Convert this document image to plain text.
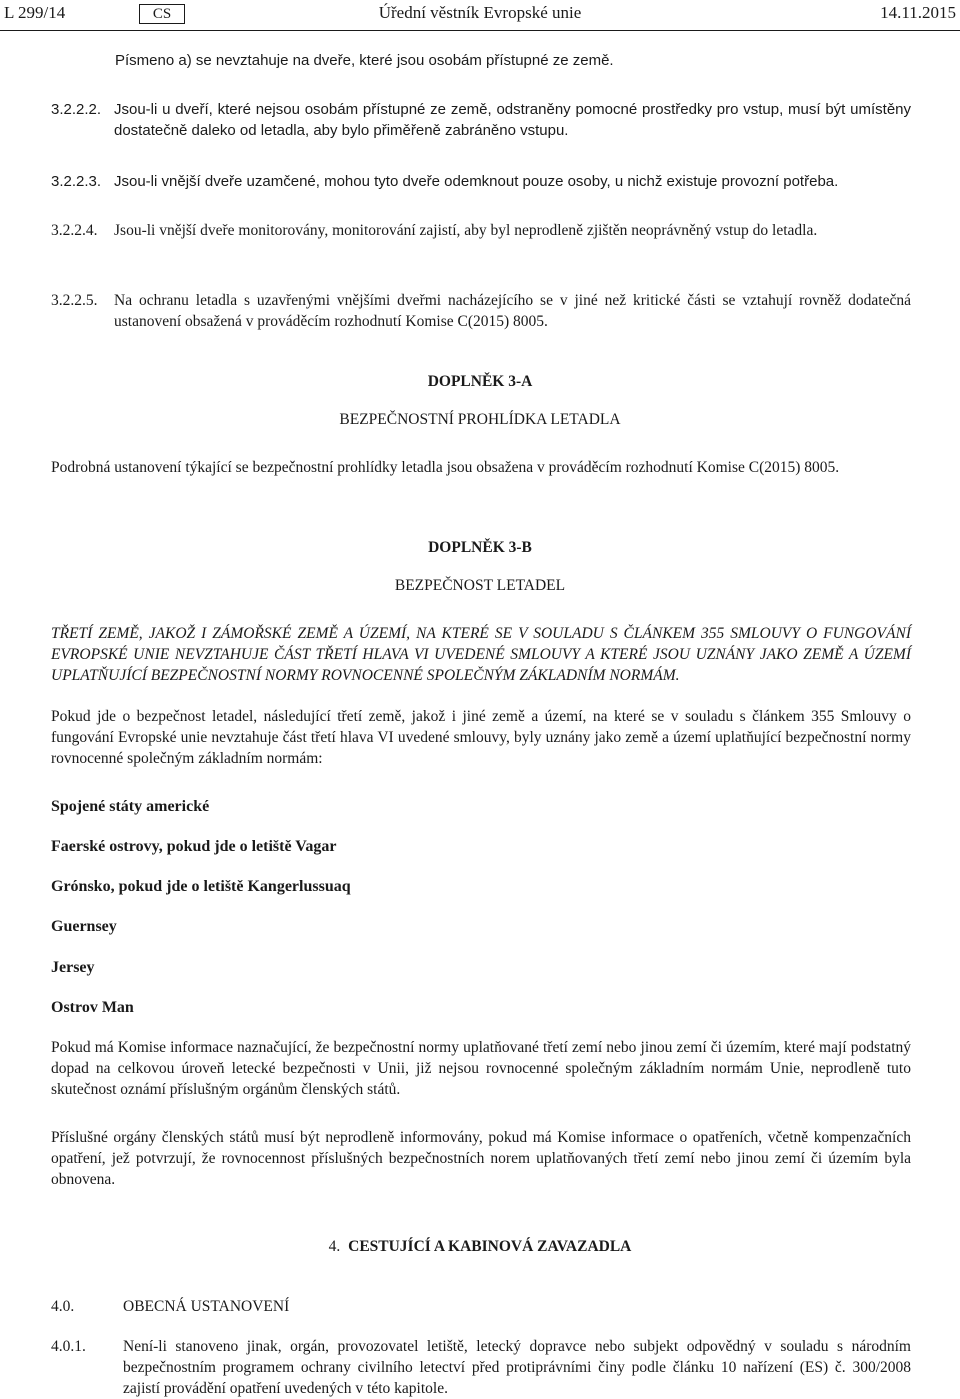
L 299/14	CS	Úřední věstník Evropské unie	14.11.2015
Písmeno a) se nevztahuje na dveře, které jsou osobám přístupné ze země.
3.2.2.2. Jsou-li u dveří, které nejsou osobám přístupné ze země, odstraněny pomocné prostředky pro vstup, musí být umístěny dostatečně daleko od letadla, aby bylo přiměřeně zabráněno vstupu.
3.2.2.3. Jsou-li vnější dveře uzamčené, mohou tyto dveře odemknout pouze osoby, u nichž existuje provozní potřeba.
3.2.2.4. Jsou-li vnější dveře monitorovány, monitorování zajistí, aby byl neprodleně zjištěn neoprávněný vstup do letadla.
3.2.2.5. Na ochranu letadla s uzavřenými vnějšími dveřmi nacházejícího se v jiné než kritické části se vztahují rovněž dodatečná ustanovení obsažená v prováděcím rozhodnutí Komise C(2015) 8005.
DOPLNĚK 3-A
BEZPEČNOSTNÍ PROHLÍDKA LETADLA
Podrobná ustanovení týkající se bezpečnostní prohlídky letadla jsou obsažena v prováděcím rozhodnutí Komise C(2015) 8005.
DOPLNĚK 3-B
BEZPEČNOST LETADEL
TŘETÍ ZEMĚ, JAKOŽ I ZÁMOŘSKÉ ZEMĚ A ÚZEMÍ, NA KTERÉ SE V SOULADU S ČLÁNKEM 355 SMLOUVY O FUNGOVÁNÍ EVROPSKÉ UNIE NEVZTAHUJE ČÁST TŘETÍ HLAVA VI UVEDENÉ SMLOUVY A KTERÉ JSOU UZNÁNY JAKO ZEMĚ A ÚZEMÍ UPLATŇUJÍCÍ BEZPEČNOSTNÍ NORMY ROVNOCENNÉ SPOLEČNÝM ZÁKLADNÍM NORMÁM.
Pokud jde o bezpečnost letadel, následující třetí země, jakož i jiné země a území, na které se v souladu s článkem 355 Smlouvy o fungování Evropské unie nevztahuje část třetí hlava VI uvedené smlouvy, byly uznány jako země a území uplatňující bezpečnostní normy rovnocenné společným základním normám:
Spojené státy americké
Faerské ostrovy, pokud jde o letiště Vagar
Grónsko, pokud jde o letiště Kangerlussuaq
Guernsey
Jersey
Ostrov Man
Pokud má Komise informace naznačující, že bezpečnostní normy uplatňované třetí zemí nebo jinou zemí či územím, které mají podstatný dopad na celkovou úroveň letecké bezpečnosti v Unii, již nejsou rovnocenné společným základním normám Unie, neprodleně tuto skutečnost oznámí příslušným orgánům členských států.
Příslušné orgány členských států musí být neprodleně informovány, pokud má Komise informace o opatřeních, včetně kompenzačních opatření, jež potvrzují, že rovnocennost příslušných bezpečnostních norem uplatňovaných třetí zemí nebo jinou zemí či územím byla obnovena.
4. CESTUJÍCÍ A KABINOVÁ ZAVAZADLA
4.0.	OBECNÁ USTANOVENÍ
4.0.1. Není-li stanoveno jinak, orgán, provozovatel letiště, letecký dopravce nebo subjekt odpovědný v souladu s národním bezpečnostním programem ochrany civilního letectví před protiprávními činy podle článku 10 nařízení (ES) č. 300/2008 zajistí provádění opatření uvedených v této kapitole.
